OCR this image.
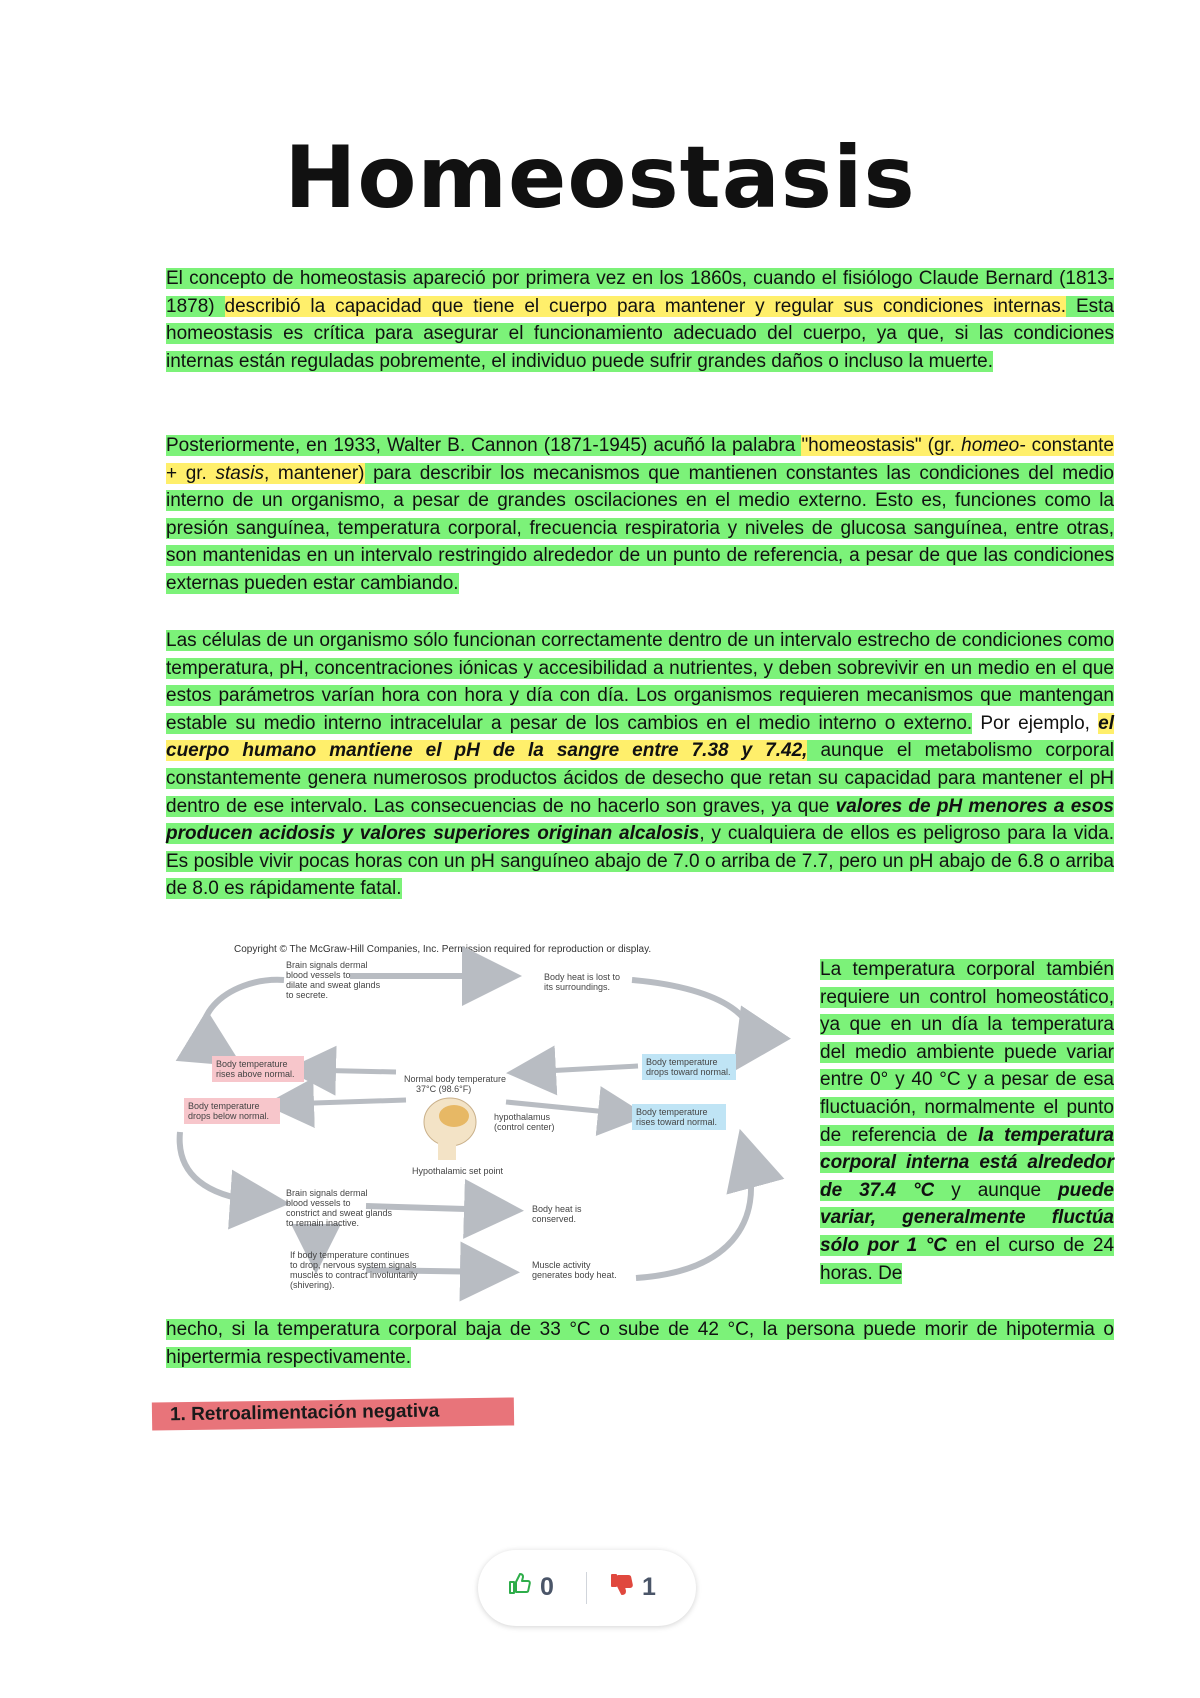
Homeostasis
El concepto de homeostasis apareció por primera vez en los 1860s, cuando el fisiólogo Claude Bernard (1813-1878) describió la capacidad que tiene el cuerpo para mantener y regular sus condiciones internas. Esta homeostasis es crítica para asegurar el funcionamiento adecuado del cuerpo, ya que, si las condiciones internas están reguladas pobremente, el individuo puede sufrir grandes daños o incluso la muerte.
Posteriormente, en 1933, Walter B. Cannon (1871-1945) acuñó la palabra "homeostasis" (gr. homeo- constante + gr. stasis, mantener) para describir los mecanismos que mantienen constantes las condiciones del medio interno de un organismo, a pesar de grandes oscilaciones en el medio externo. Esto es, funciones como la presión sanguínea, temperatura corporal, frecuencia respiratoria y niveles de glucosa sanguínea, entre otras, son mantenidas en un intervalo restringido alrededor de un punto de referencia, a pesar de que las condiciones externas pueden estar cambiando.
Las células de un organismo sólo funcionan correctamente dentro de un intervalo estrecho de condiciones como temperatura, pH, concentraciones iónicas y accesibilidad a nutrientes, y deben sobrevivir en un medio en el que estos parámetros varían hora con hora y día con día. Los organismos requieren mecanismos que mantengan estable su medio interno intracelular a pesar de los cambios en el medio interno o externo. Por ejemplo, el cuerpo humano mantiene el pH de la sangre entre 7.38 y 7.42, aunque el metabolismo corporal constantemente genera numerosos productos ácidos de desecho que retan su capacidad para mantener el pH dentro de ese intervalo. Las consecuencias de no hacerlo son graves, ya que valores de pH menores a esos producen acidosis y valores superiores originan alcalosis, y cualquiera de ellos es peligroso para la vida. Es posible vivir pocas horas con un pH sanguíneo abajo de 7.0 o arriba de 7.7, pero un pH abajo de 6.8 o arriba de 8.0 es rápidamente fatal.
Copyright © The McGraw-Hill Companies, Inc. Permission required for reproduction or display.
Brain signals dermal blood vessels to dilate and sweat glands to secrete.
Body heat is lost to its surroundings.
Body temperature rises above normal.
Body temperature drops toward normal.
Normal body temperature 37°C (98.6°F)
hypothalamus (control center)
Hypothalamic set point
Body temperature drops below normal.	Body temperature rises toward normal.
Brain signals dermal blood vessels to constrict and sweat glands to remain inactive.
Body heat is conserved.
If body temperature continues to drop, nervous system signals muscles to contract involuntarily (shivering).
Muscle activity generates body heat.
La temperatura corporal también requiere un control homeostático, ya que en un día la temperatura del medio ambiente puede variar entre 0° y 40 °C y a pesar de esa fluctuación, normalmente el punto de referencia de la temperatura corporal interna está alrededor de 37.4 °C y aunque puede variar, generalmente fluctúa sólo por 1 °C en el curso de 24 horas. De
hecho, si la temperatura corporal baja de 33 °C o sube de 42 °C, la persona puede morir de hipotermia o hipertermia respectivamente.
1. Retroalimentación negativa
0	1
